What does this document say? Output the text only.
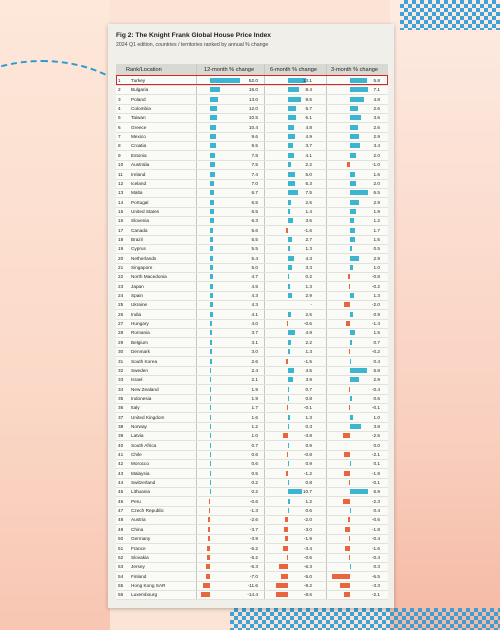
Fig 2: The Knight Frank Global House Price Index
2024 Q1 edition, countries / territories ranked by annual % change
Rank/Location	12-month % change	6-month % change	3-month % change
1 Turkey	52.0	13.1	5.8
2 Bulgaria	16.0	8.4	7.1
3 Poland	13.0	9.5	4.8
4 Colombia	12.0	5.7	2.6
5 Taiwan	10.5	6.1	3.6
6 Greece	10.4	4.8	2.6
7 Mexico	9.6	4.9	2.9
8 Croatia	9.5	3.7	3.4
9 Estonia	7.8	4.1	2.0
10 Australia	7.5	2.2	-1.0
11 Ireland	7.4	5.0	1.6
12 Iceland	7.0	5.3	2.0
13 Malta	6.7	7.5	6.5
14 Portugal	6.5	2.5	2.9
15 United States	6.5	1.4	1.9
16 Slovenia	6.3	3.6	1.2
17 Canada	5.6	-1.6	1.7
18 Brazil	5.5	2.7	1.5
19 Cyprus	5.5	1.3	0.5
20 Netherlands	5.4	4.3	2.9
21 Singapore	5.0	3.3	1.0
22 North Macedonia	4.7	0.2	-0.8
23 Japan	4.5	1.3	-0.2
24 Spain	4.3	2.9	1.3
25 Ukraine	4.3	-	-2.0
26 India	4.1	2.5	0.9
27 Hungary	4.0	-0.6	-1.4
28 Romania	3.7	4.9	1.5
29 Belgium	3.1	2.2	0.7
30 Denmark	3.0	1.3	-0.2
31 South Korea	2.6	-1.5	0.4
32 Sweden	2.4	4.5	5.8
33 Israel	2.1	3.9	2.9
34 New Zealand	1.9	0.7	-0.4
35 Indonesia	1.9	0.8	0.6
36 Italy	1.7	-0.1	-0.1
37 United Kingdom	1.6	1.3	1.0
38 Norway	1.2	0.3	3.8
39 Latvia	1.0	-3.8	-2.5
40 South Africa	0.7	0.9	0.0
41 Chile	0.6	-0.8	-2.1
42 Morocco	0.6	0.9	0.1
43 Malaysia	0.5	-1.2	-1.9
44 Switzerland	0.2	0.8	-0.1
45 Lithuania	0.2	10.7	6.9
46 Peru	-0.6	1.2	-2.3
47 Czech Republic	-1.3	0.6	0.4
48 Austria	-2.6	-2.0	-0.6
49 China	-3.7	-3.0	-1.8
50 Germany	-3.9	-1.9	-0.4
51 France	-5.2	-3.4	-1.6
52 Slovakia	-5.2	-0.6	-0.4
53 Jersey	-6.3	-6.3	0.3
54 Finland	-7.0	-5.0	-6.5
55 Hong Kong SAR	-11.6	-9.2	-3.3
56 Luxembourg	-14.4	-8.6	-2.1
